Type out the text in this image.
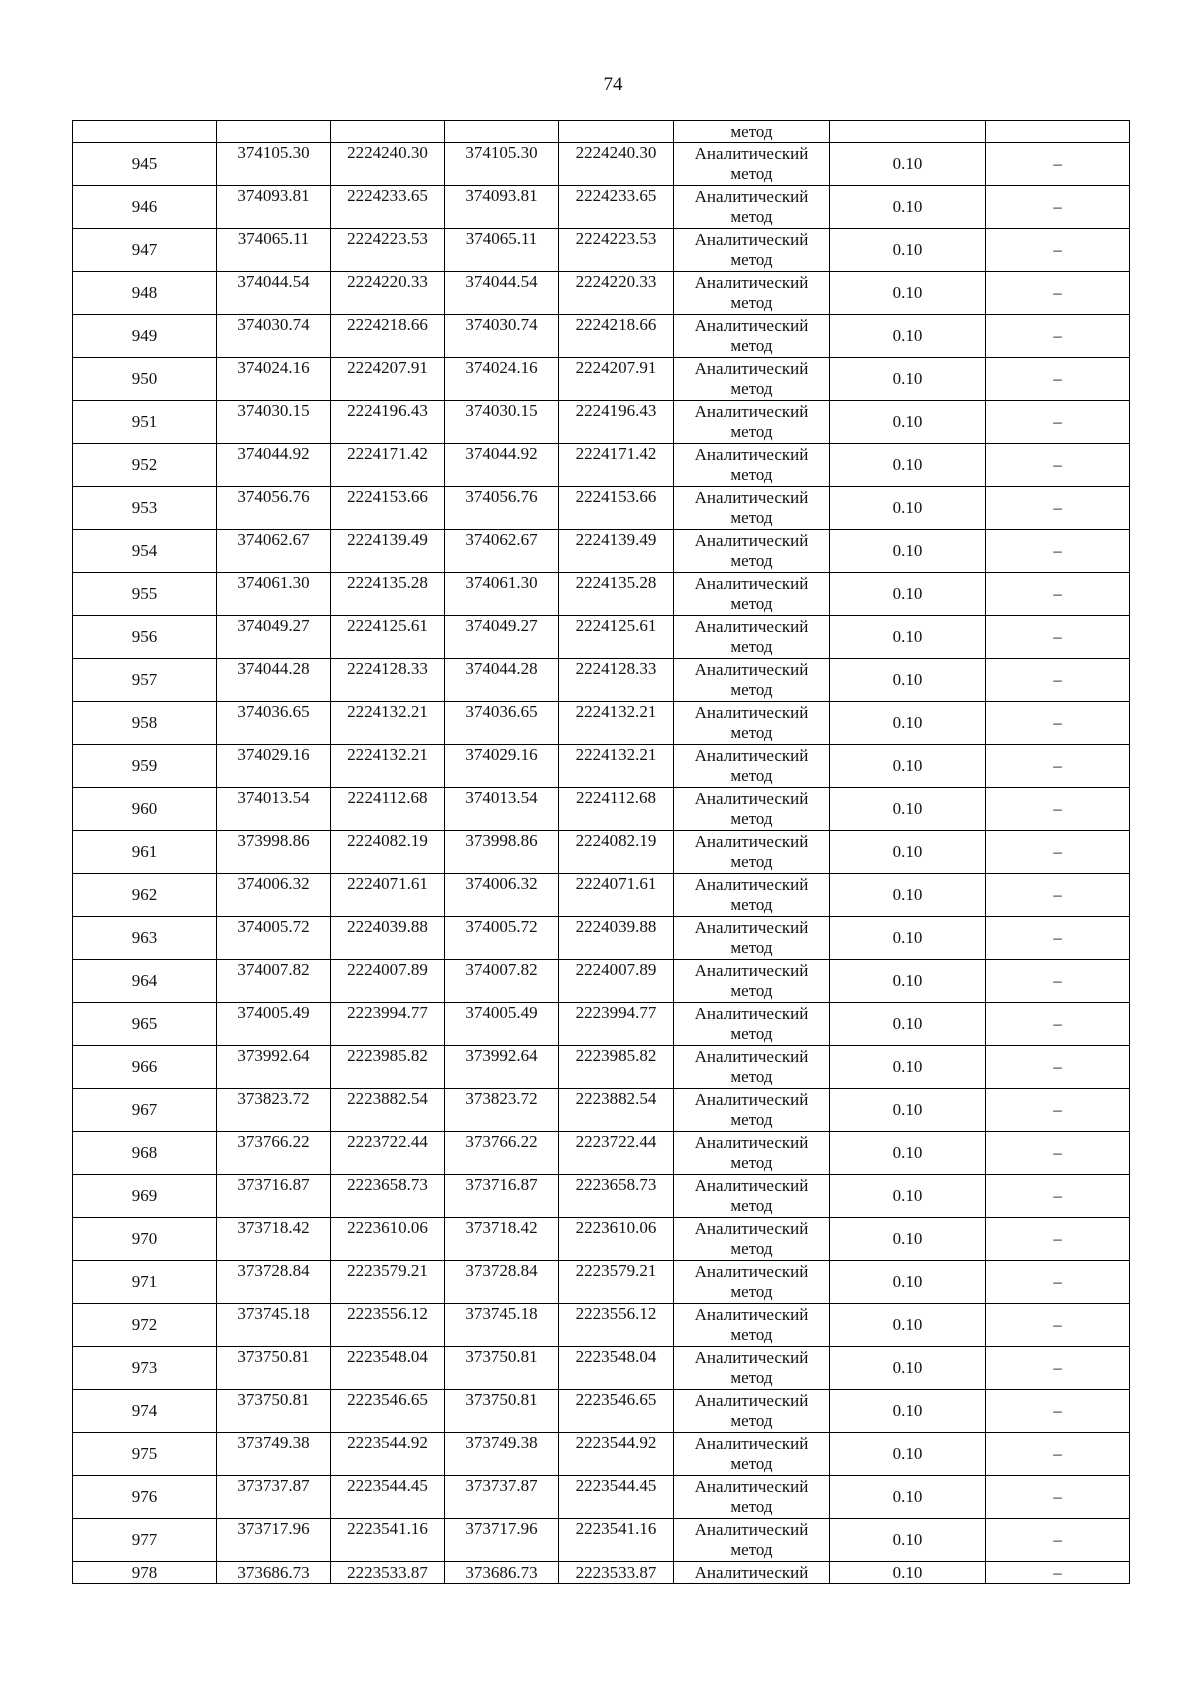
74
					метод		
945	374105.30	2224240.30	374105.30	2224240.30	Аналитический
метод	0.10	–
946	374093.81	2224233.65	374093.81	2224233.65	Аналитический
метод	0.10	–
947	374065.11	2224223.53	374065.11	2224223.53	Аналитический
метод	0.10	–
948	374044.54	2224220.33	374044.54	2224220.33	Аналитический
метод	0.10	–
949	374030.74	2224218.66	374030.74	2224218.66	Аналитический
метод	0.10	–
950	374024.16	2224207.91	374024.16	2224207.91	Аналитический
метод	0.10	–
951	374030.15	2224196.43	374030.15	2224196.43	Аналитический
метод	0.10	–
952	374044.92	2224171.42	374044.92	2224171.42	Аналитический
метод	0.10	–
953	374056.76	2224153.66	374056.76	2224153.66	Аналитический
метод	0.10	–
954	374062.67	2224139.49	374062.67	2224139.49	Аналитический
метод	0.10	–
955	374061.30	2224135.28	374061.30	2224135.28	Аналитический
метод	0.10	–
956	374049.27	2224125.61	374049.27	2224125.61	Аналитический
метод	0.10	–
957	374044.28	2224128.33	374044.28	2224128.33	Аналитический
метод	0.10	–
958	374036.65	2224132.21	374036.65	2224132.21	Аналитический
метод	0.10	–
959	374029.16	2224132.21	374029.16	2224132.21	Аналитический
метод	0.10	–
960	374013.54	2224112.68	374013.54	2224112.68	Аналитический
метод	0.10	–
961	373998.86	2224082.19	373998.86	2224082.19	Аналитический
метод	0.10	–
962	374006.32	2224071.61	374006.32	2224071.61	Аналитический
метод	0.10	–
963	374005.72	2224039.88	374005.72	2224039.88	Аналитический
метод	0.10	–
964	374007.82	2224007.89	374007.82	2224007.89	Аналитический
метод	0.10	–
965	374005.49	2223994.77	374005.49	2223994.77	Аналитический
метод	0.10	–
966	373992.64	2223985.82	373992.64	2223985.82	Аналитический
метод	0.10	–
967	373823.72	2223882.54	373823.72	2223882.54	Аналитический
метод	0.10	–
968	373766.22	2223722.44	373766.22	2223722.44	Аналитический
метод	0.10	–
969	373716.87	2223658.73	373716.87	2223658.73	Аналитический
метод	0.10	–
970	373718.42	2223610.06	373718.42	2223610.06	Аналитический
метод	0.10	–
971	373728.84	2223579.21	373728.84	2223579.21	Аналитический
метод	0.10	–
972	373745.18	2223556.12	373745.18	2223556.12	Аналитический
метод	0.10	–
973	373750.81	2223548.04	373750.81	2223548.04	Аналитический
метод	0.10	–
974	373750.81	2223546.65	373750.81	2223546.65	Аналитический
метод	0.10	–
975	373749.38	2223544.92	373749.38	2223544.92	Аналитический
метод	0.10	–
976	373737.87	2223544.45	373737.87	2223544.45	Аналитический
метод	0.10	–
977	373717.96	2223541.16	373717.96	2223541.16	Аналитический
метод	0.10	–
978	373686.73	2223533.87	373686.73	2223533.87	Аналитический	0.10	–
